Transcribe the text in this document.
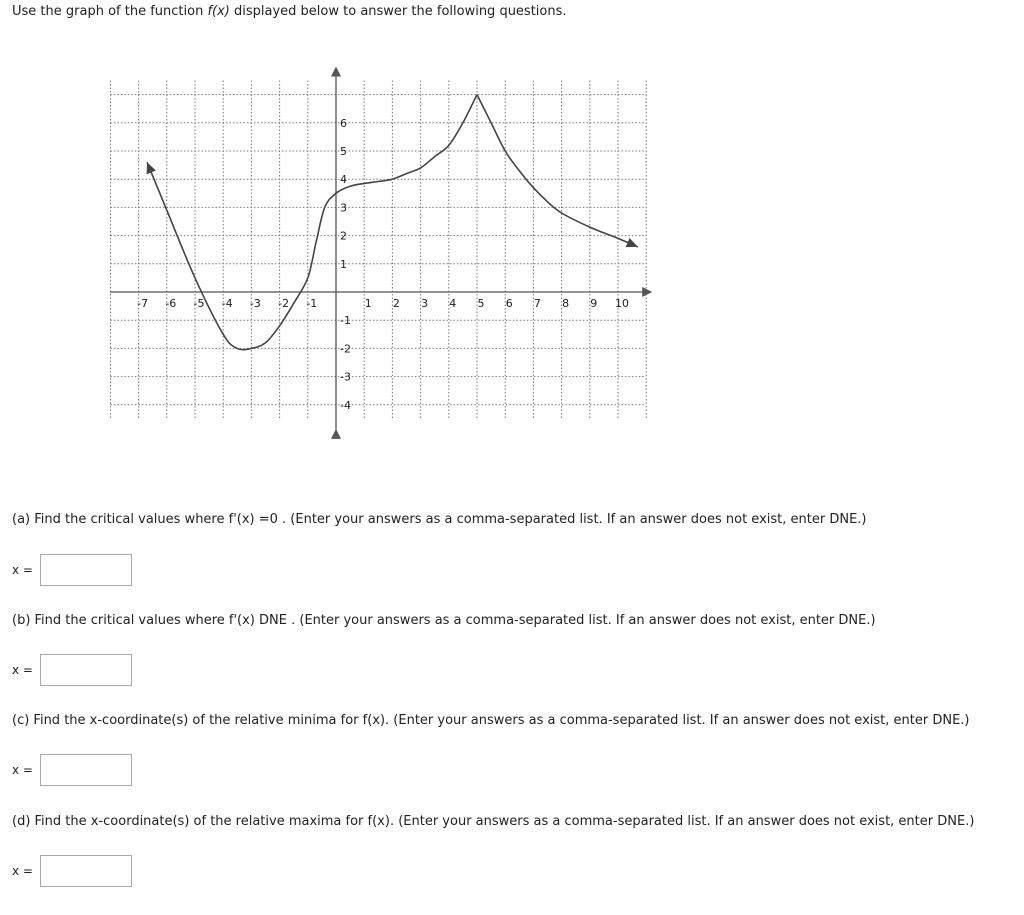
Use the graph of the function f(x) displayed below to answer the following questions.
-7 -6 -5 -4 -3 -2 -1	1 2 3 4 5 6 7 8 9 10
6
5
4
3
2
1
-1
-2
-3
-4
(a) Find the critical values where f'(x) =0 . (Enter your answers as a comma-separated list. If an answer does not exist, enter DNE.)
x =
(b) Find the critical values where f'(x) DNE . (Enter your answers as a comma-separated list. If an answer does not exist, enter DNE.)
x =
(c) Find the x-coordinate(s) of the relative minima for f(x). (Enter your answers as a comma-separated list. If an answer does not exist, enter DNE.)
x =
(d) Find the x-coordinate(s) of the relative maxima for f(x). (Enter your answers as a comma-separated list. If an answer does not exist, enter DNE.)
x =
